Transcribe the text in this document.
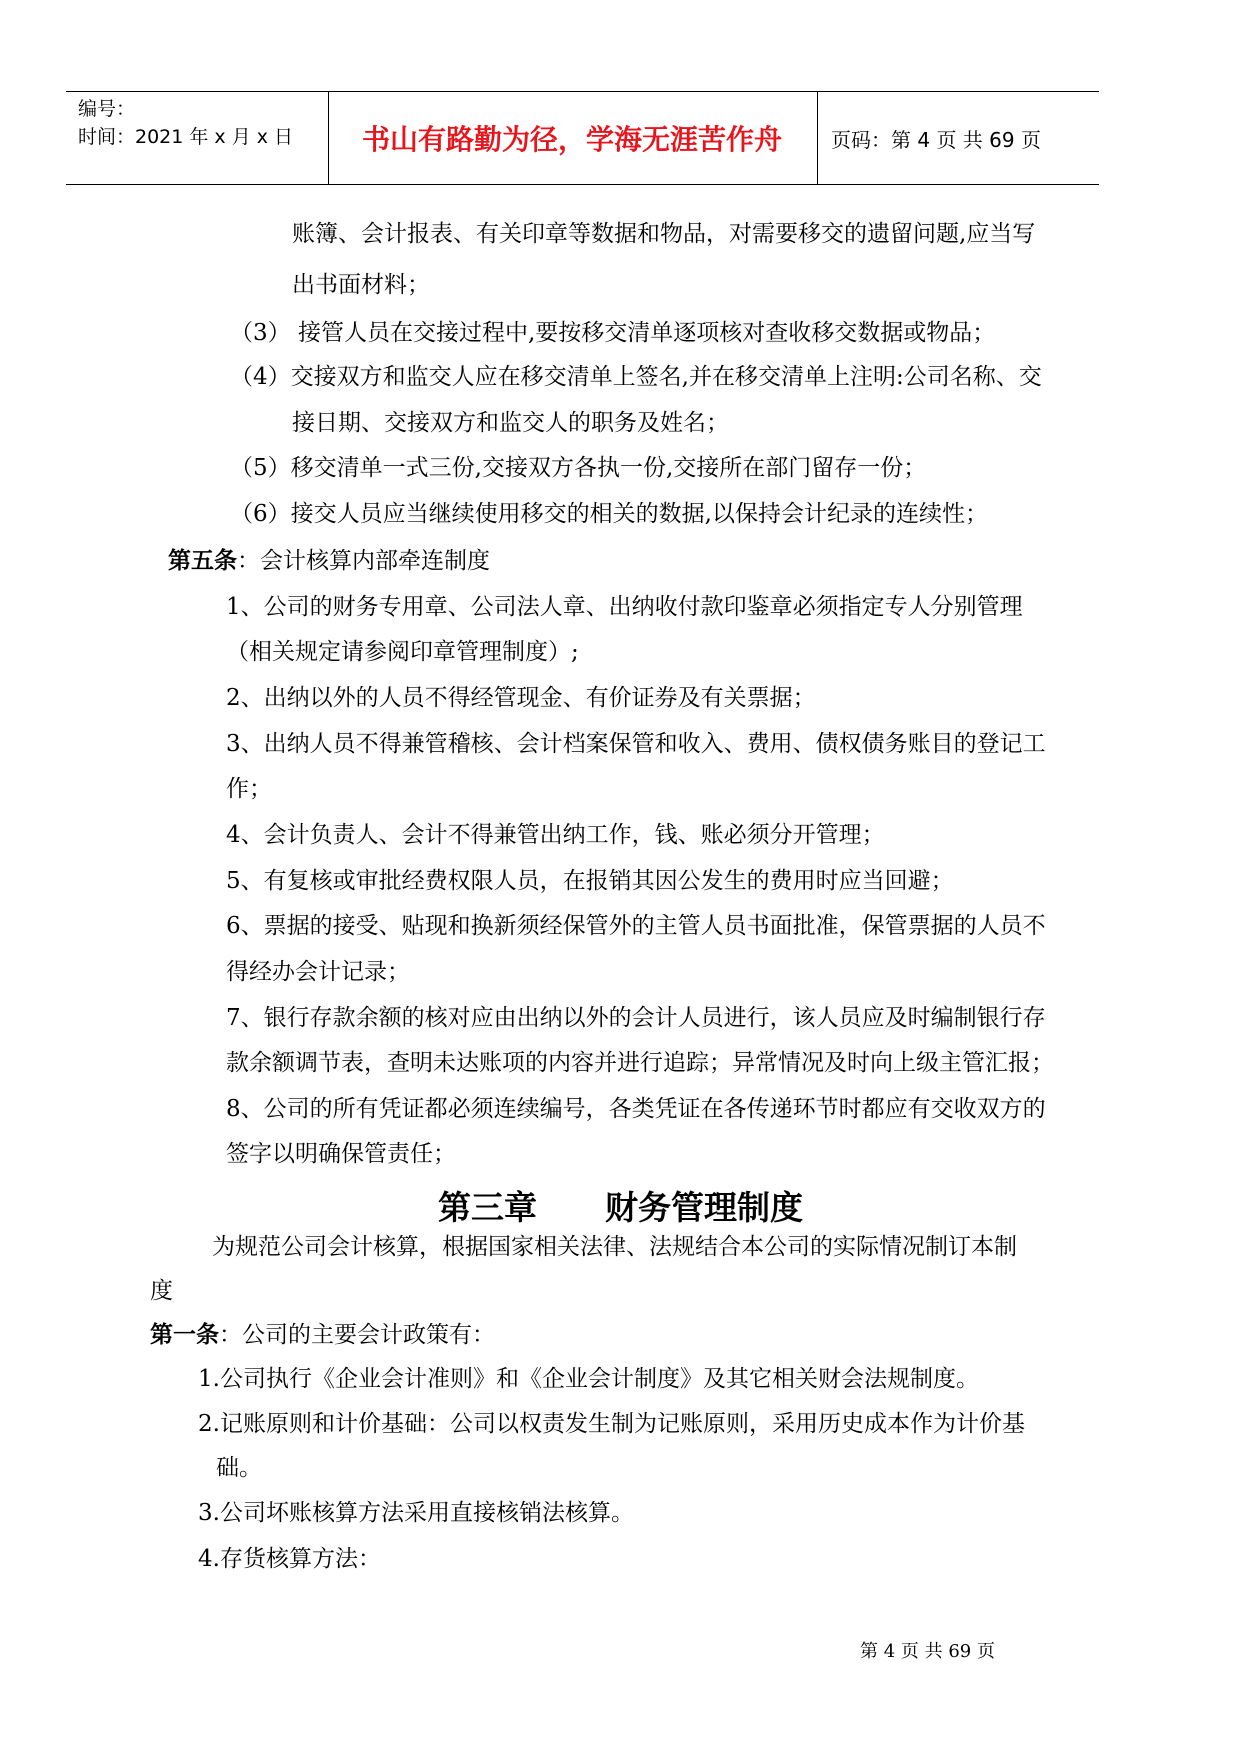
编号：
时间：2021 年 x 月 x 日	书山有路勤为径，学海无涯苦作舟	页码：第 4 页 共 69 页
账簿、会计报表、有关印章等数据和物品，对需要移交的遗留问题,应当写
出书面材料；
（3） 接管人员在交接过程中,要按移交清单逐项核对查收移交数据或物品；
（4）交接双方和监交人应在移交清单上签名,并在移交清单上注明:公司名称、交
接日期、交接双方和监交人的职务及姓名；
（5）移交清单一式三份,交接双方各执一份,交接所在部门留存一份；
（6）接交人员应当继续使用移交的相关的数据,以保持会计纪录的连续性；
第五条：会计核算内部牵连制度
1、公司的财务专用章、公司法人章、出纳收付款印鉴章必须指定专人分别管理
（相关规定请参阅印章管理制度）;
2、出纳以外的人员不得经管现金、有价证券及有关票据；
3、出纳人员不得兼管稽核、会计档案保管和收入、费用、债权债务账目的登记工
作；
4、会计负责人、会计不得兼管出纳工作，钱、账必须分开管理；
5、有复核或审批经费权限人员，在报销其因公发生的费用时应当回避；
6、票据的接受、贴现和换新须经保管外的主管人员书面批准，保管票据的人员不
得经办会计记录；
7、银行存款余额的核对应由出纳以外的会计人员进行，该人员应及时编制银行存
款余额调节表，查明未达账项的内容并进行追踪；异常情况及时向上级主管汇报；
8、公司的所有凭证都必须连续编号，各类凭证在各传递环节时都应有交收双方的
签字以明确保管责任；
第三章 财务管理制度
为规范公司会计核算，根据国家相关法律、法规结合本公司的实际情况制订本制
度
第一条：公司的主要会计政策有：
1.公司执行《企业会计准则》和《企业会计制度》及其它相关财会法规制度。
2.记账原则和计价基础：公司以权责发生制为记账原则，采用历史成本作为计价基
础。
3.公司坏账核算方法采用直接核销法核算。
4.存货核算方法：
第 4 页 共 69 页
